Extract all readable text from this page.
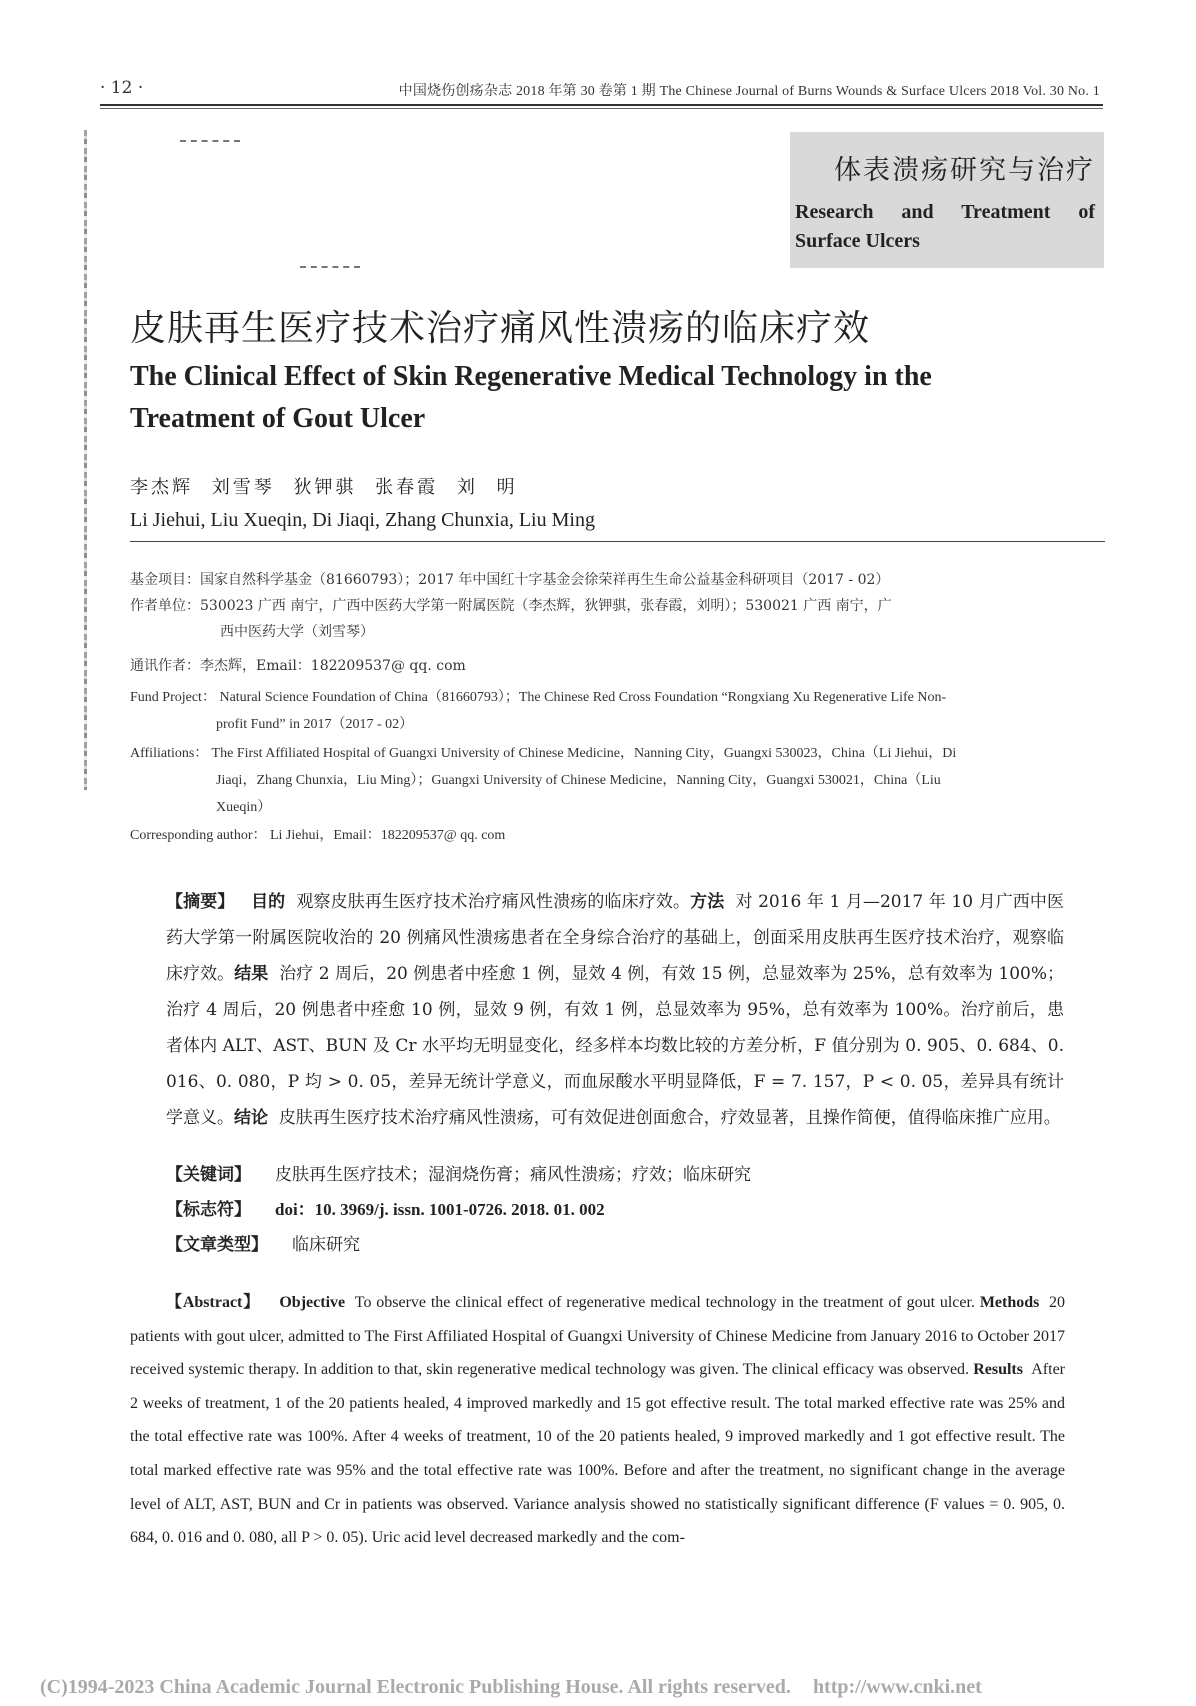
· 12 ·	中国烧伤创疡杂志 2018 年第 30 卷第 1 期 The Chinese Journal of Burns Wounds & Surface Ulcers 2018 Vol. 30 No. 1
体表溃疡研究与治疗
Research and Treatment of
Surface Ulcers
皮肤再生医疗技术治疗痛风性溃疡的临床疗效
The Clinical Effect of Skin Regenerative Medical Technology in the Treatment of Gout Ulcer
李杰辉 刘雪琴 狄钾骐 张春霞 刘 明
Li Jiehui, Liu Xueqin, Di Jiaqi, Zhang Chunxia, Liu Ming
基金项目：国家自然科学基金（81660793）；2017 年中国红十字基金会徐荣祥再生生命公益基金科研项目（2017 - 02）
作者单位：530023 广西 南宁，广西中医药大学第一附属医院（李杰辉，狄钾骐，张春霞，刘明）；530021 广西 南宁，广
西中医药大学（刘雪琴）
通讯作者：李杰辉，Email：182209537@ qq. com
Fund Project： Natural Science Foundation of China（81660793）；The Chinese Red Cross Foundation “Rongxiang Xu Regenerative Life Non-
profit Fund” in 2017（2017 - 02）
Affiliations： The First Affiliated Hospital of Guangxi University of Chinese Medicine，Nanning City，Guangxi 530023，China（Li Jiehui，Di
Jiaqi，Zhang Chunxia，Liu Ming）；Guangxi University of Chinese Medicine，Nanning City，Guangxi 530021，China（Liu
Xueqin）
Corresponding author： Li Jiehui，Email：182209537@ qq. com
【摘要】 目的 观察皮肤再生医疗技术治疗痛风性溃疡的临床疗效。方法 对 2016 年 1 月—2017 年 10 月广西中医药大学第一附属医院收治的 20 例痛风性溃疡患者在全身综合治疗的基础上，创面采用皮肤再生医疗技术治疗，观察临床疗效。结果 治疗 2 周后，20 例患者中痊愈 1 例，显效 4 例，有效 15 例，总显效率为 25%，总有效率为 100%；治疗 4 周后，20 例患者中痊愈 10 例，显效 9 例，有效 1 例，总显效率为 95%，总有效率为 100%。治疗前后，患者体内 ALT、AST、BUN 及 Cr 水平均无明显变化，经多样本均数比较的方差分析，F 值分别为 0. 905、0. 684、0. 016、0. 080，P 均 > 0. 05，差异无统计学意义，而血尿酸水平明显降低，F = 7. 157，P < 0. 05，差异具有统计学意义。结论 皮肤再生医疗技术治疗痛风性溃疡，可有效促进创面愈合，疗效显著，且操作简便，值得临床推广应用。
【关键词】 皮肤再生医疗技术；湿润烧伤膏；痛风性溃疡；疗效；临床研究
【标志符】 doi：10. 3969/j. issn. 1001-0726. 2018. 01. 002
【文章类型】 临床研究
【Abstract】 Objective To observe the clinical effect of regenerative medical technology in the treatment of gout ulcer. Methods 20 patients with gout ulcer, admitted to The First Affiliated Hospital of Guangxi University of Chinese Medicine from January 2016 to October 2017 received systemic therapy. In addition to that, skin regenerative medical technology was given. The clinical efficacy was observed. Results After 2 weeks of treatment, 1 of the 20 patients healed, 4 improved markedly and 15 got effective result. The total marked effective rate was 25% and the total effective rate was 100%. After 4 weeks of treatment, 10 of the 20 patients healed, 9 improved markedly and 1 got effective result. The total marked effective rate was 95% and the total effective rate was 100%. Before and after the treatment, no significant change in the average level of ALT, AST, BUN and Cr in patients was observed. Variance analysis showed no statistically significant difference (F values = 0. 905, 0. 684, 0. 016 and 0. 080, all P > 0. 05). Uric acid level decreased markedly and the com-
(C)1994-2023 China Academic Journal Electronic Publishing House. All rights reserved. http://www.cnki.net
